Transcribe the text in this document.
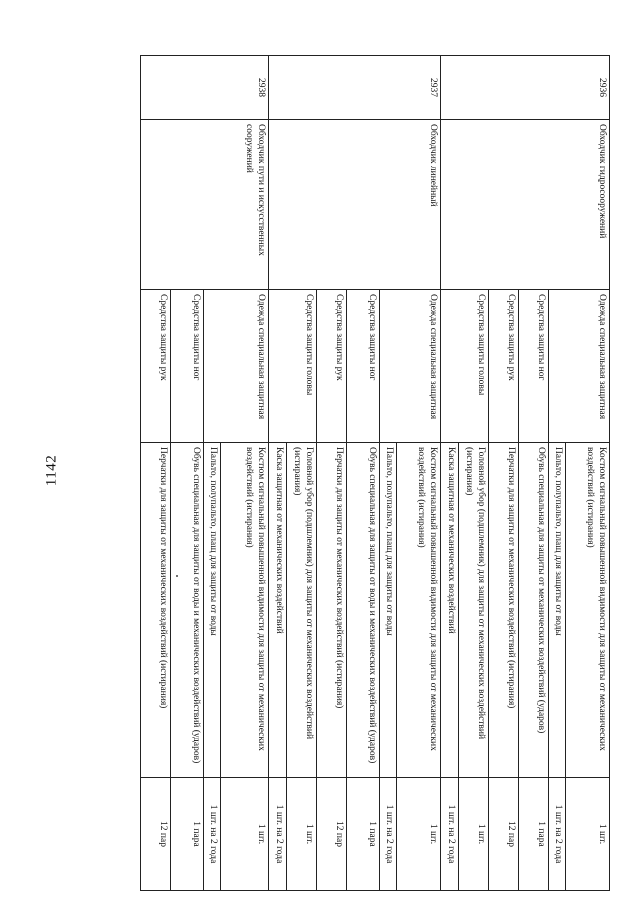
1142
2936	Обходчик гидросооружений	Одежда специальная защитная	Костюм сигнальный повышенной видимости для защиты от механических воздействий (истирания)	1 шт.
			Пальто, полупальто, плащ для защиты от воды	1 шт. на 2 года
		Средства защиты ног	Обувь специальная для защиты от механических воздействий (ударов)	1 пара
		Средства защиты рук	Перчатки для защиты от механических воздействий (истирания)	12 пар
		Средства защиты головы	Головной убор (подшлемник) для защиты от механических воздействий (истирания)	1 шт.
			Каска защитная от механических воздействий	1 шт. на 2 года
2937	Обходчик линейный	Одежда специальная защитная	Костюм сигнальный повышенной видимости для защиты от механических воздействий (истирания)	1 шт.
			Пальто, полупальто, плащ для защиты от воды	1 шт. на 2 года
		Средства защиты ног	Обувь специальная для защиты от воды и механических воздействий (ударов)	1 пара
		Средства защиты рук	Перчатки для защиты от механических воздействий (истирания)	12 пар
		Средства защиты головы	Головной убор (подшлемник) для защиты от механических воздействий (истирания)	1 шт.
			Каска защитная от механических воздействий	1 шт. на 2 года
2938	Обходчик пути и искусственных сооружений	Одежда специальная защитная	Костюм сигнальный повышенной видимости для защиты от механических воздействий (истирания)	1 шт.
			Пальто, полупальто, плащ для защиты от воды	1 шт. на 2 года
		Средства защиты ног	Обувь специальная для защиты от воды и механических воздействий (ударов)	1 пара
		Средства защиты рук	Перчатки для защиты от механических воздействий (истирания)	12 пар
